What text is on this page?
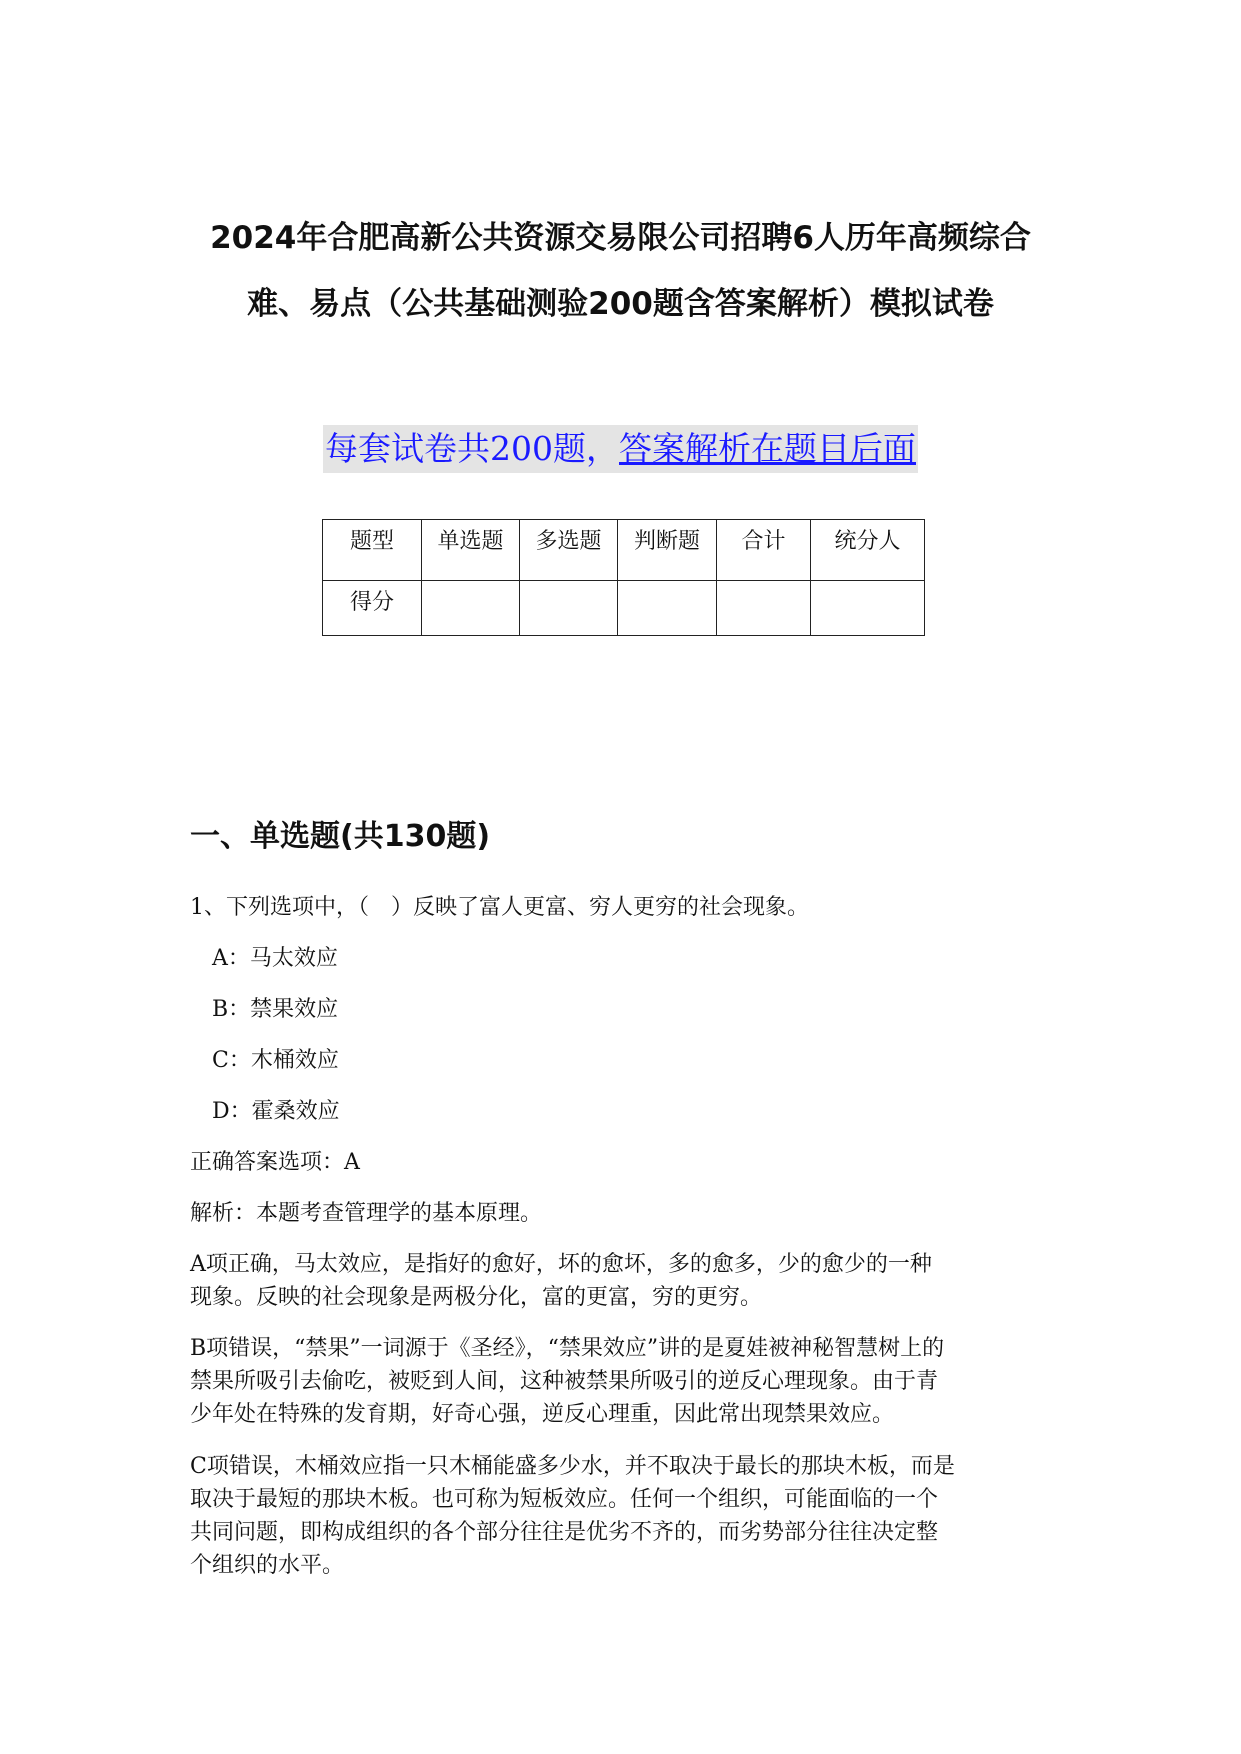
2024年合肥高新公共资源交易限公司招聘6人历年高频综合
难、易点（公共基础测验200题含答案解析）模拟试卷
每套试卷共200题，答案解析在题目后面
题型	单选题	多选题	判断题	合计	统分人
得分					
一、单选题(共130题)
1、下列选项中，（　）反映了富人更富、穷人更穷的社会现象。
A：马太效应
B：禁果效应
C：木桶效应
D：霍桑效应
正确答案选项：A
解析：本题考查管理学的基本原理。
A项正确，马太效应，是指好的愈好，坏的愈坏，多的愈多，少的愈少的一种
现象。反映的社会现象是两极分化，富的更富，穷的更穷。
B项错误，“禁果”一词源于《圣经》，“禁果效应”讲的是夏娃被神秘智慧树上的
禁果所吸引去偷吃，被贬到人间，这种被禁果所吸引的逆反心理现象。由于青
少年处在特殊的发育期，好奇心强，逆反心理重，因此常出现禁果效应。
C项错误，木桶效应指一只木桶能盛多少水，并不取决于最长的那块木板，而是
取决于最短的那块木板。也可称为短板效应。任何一个组织，可能面临的一个
共同问题，即构成组织的各个部分往往是优劣不齐的，而劣势部分往往决定整
个组织的水平。
